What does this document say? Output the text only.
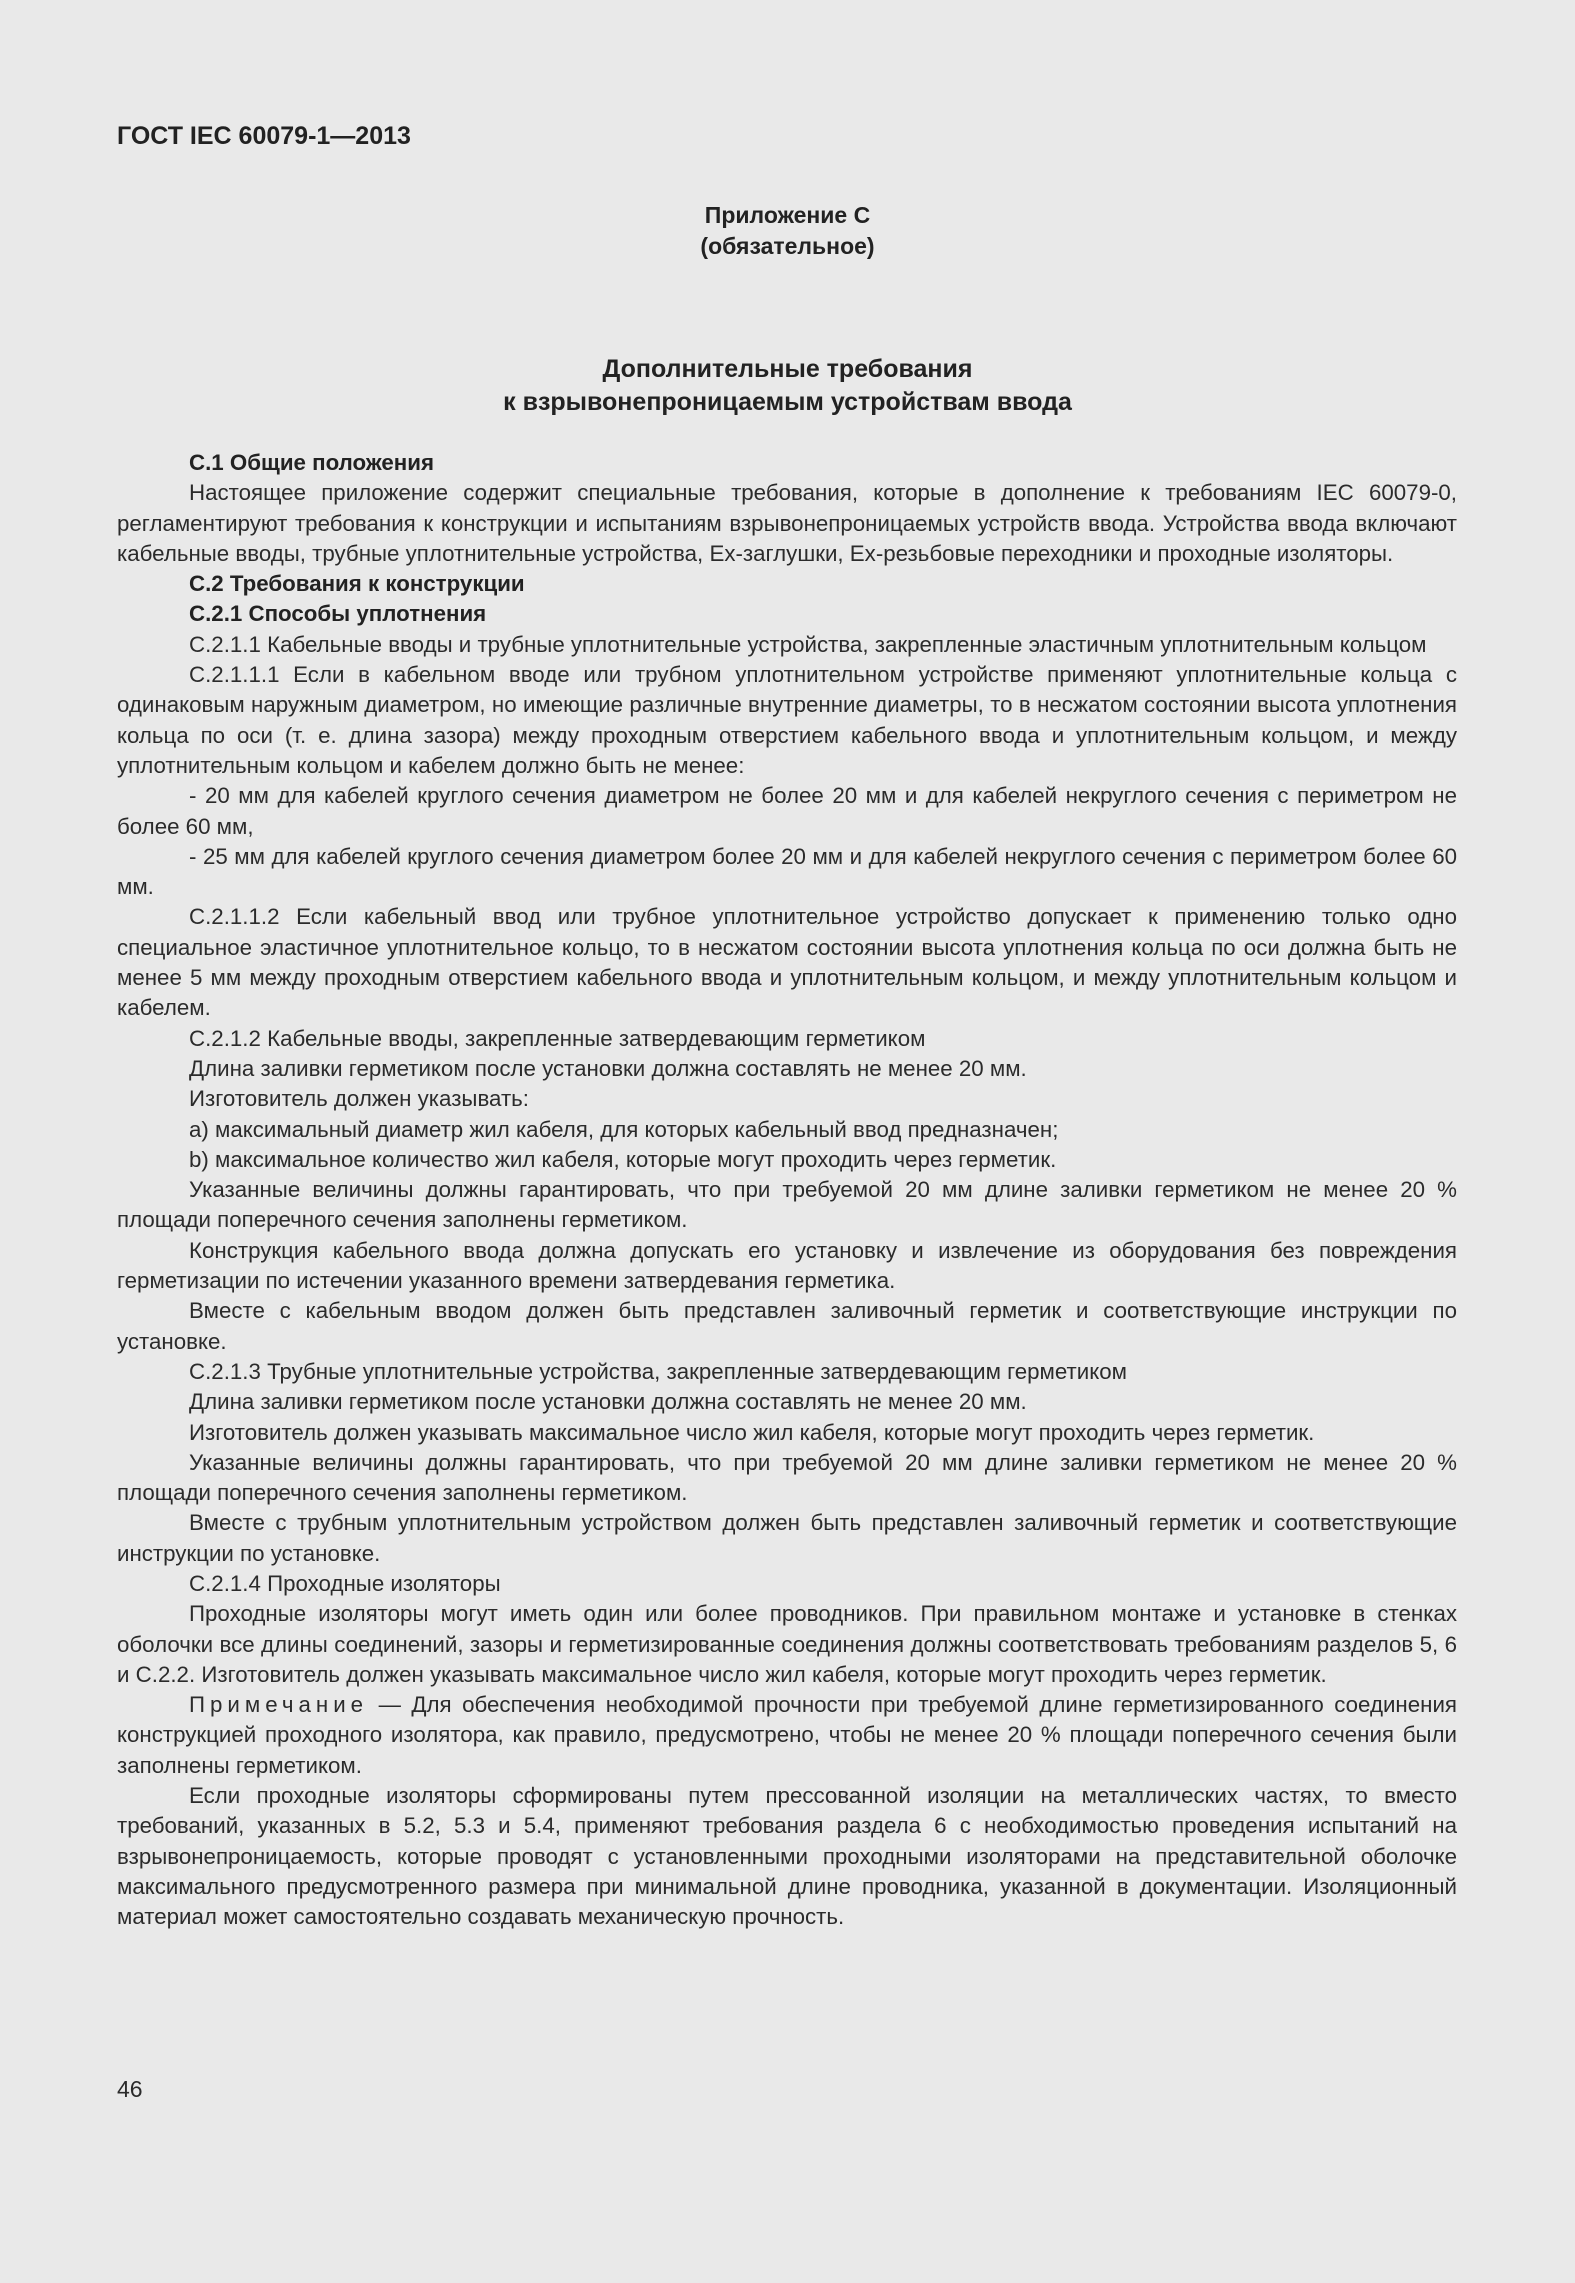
ГОСТ IEC 60079-1—2013
Приложение С
(обязательное)
Дополнительные требования
к взрывонепроницаемым устройствам ввода

С.1 Общие положения

Настоящее приложение содержит специальные требования, которые в дополнение к требованиям IEC 60079-0, регламентируют требования к конструкции и испытаниям взрывонепроницаемых устройств ввода. Устройства ввода включают кабельные вводы, трубные уплотнительные устройства, Ex-заглушки, Ex-резьбовые переходники и проходные изоляторы.

С.2 Требования к конструкции

С.2.1 Способы уплотнения

С.2.1.1 Кабельные вводы и трубные уплотнительные устройства, закрепленные эластичным уплотнительным кольцом

С.2.1.1.1 Если в кабельном вводе или трубном уплотнительном устройстве применяют уплотнительные кольца с одинаковым наружным диаметром, но имеющие различные внутренние диаметры, то в несжатом состоянии высота уплотнения кольца по оси (т. е. длина зазора) между проходным отверстием кабельного ввода и уплотнительным кольцом, и между уплотнительным кольцом и кабелем должно быть не менее:

- 20 мм для кабелей круглого сечения диаметром не более 20 мм и для кабелей некруглого сечения с периметром не более 60 мм,

- 25 мм для кабелей круглого сечения диаметром более 20 мм и для кабелей некруглого сечения с периметром более 60 мм.

С.2.1.1.2 Если кабельный ввод или трубное уплотнительное устройство допускает к применению только одно специальное эластичное уплотнительное кольцо, то в несжатом состоянии высота уплотнения кольца по оси должна быть не менее 5 мм между проходным отверстием кабельного ввода и уплотнительным кольцом, и между уплотнительным кольцом и кабелем.

С.2.1.2 Кабельные вводы, закрепленные затвердевающим герметиком

Длина заливки герметиком после установки должна составлять не менее 20 мм.

Изготовитель должен указывать:

a) максимальный диаметр жил кабеля, для которых кабельный ввод предназначен;

b) максимальное количество жил кабеля, которые могут проходить через герметик.

Указанные величины должны гарантировать, что при требуемой 20 мм длине заливки герметиком не менее 20 % площади поперечного сечения заполнены герметиком.

Конструкция кабельного ввода должна допускать его установку и извлечение из оборудования без повреждения герметизации по истечении указанного времени затвердевания герметика.

Вместе с кабельным вводом должен быть представлен заливочный герметик и соответствующие инструкции по установке.

С.2.1.3 Трубные уплотнительные устройства, закрепленные затвердевающим герметиком

Длина заливки герметиком после установки должна составлять не менее 20 мм.

Изготовитель должен указывать максимальное число жил кабеля, которые могут проходить через герметик.

Указанные величины должны гарантировать, что при требуемой 20 мм длине заливки герметиком не менее 20 % площади поперечного сечения заполнены герметиком.

Вместе с трубным уплотнительным устройством должен быть представлен заливочный герметик и соответствующие инструкции по установке.

С.2.1.4 Проходные изоляторы

Проходные изоляторы могут иметь один или более проводников. При правильном монтаже и установке в стенках оболочки все длины соединений, зазоры и герметизированные соединения должны соответствовать требованиям разделов 5, 6 и С.2.2. Изготовитель должен указывать максимальное число жил кабеля, которые могут проходить через герметик.

Примечание — Для обеспечения необходимой прочности при требуемой длине герметизированного соединения конструкцией проходного изолятора, как правило, предусмотрено, чтобы не менее 20 % площади поперечного сечения были заполнены герметиком.

Если проходные изоляторы сформированы путем прессованной изоляции на металлических частях, то вместо требований, указанных в 5.2, 5.3 и 5.4, применяют требования раздела 6 с необходимостью проведения испытаний на взрывонепроницаемость, которые проводят с установленными проходными изоляторами на представительной оболочке максимального предусмотренного размера при минимальной длине проводника, указанной в документации. Изоляционный материал может самостоятельно создавать механическую прочность.

46
